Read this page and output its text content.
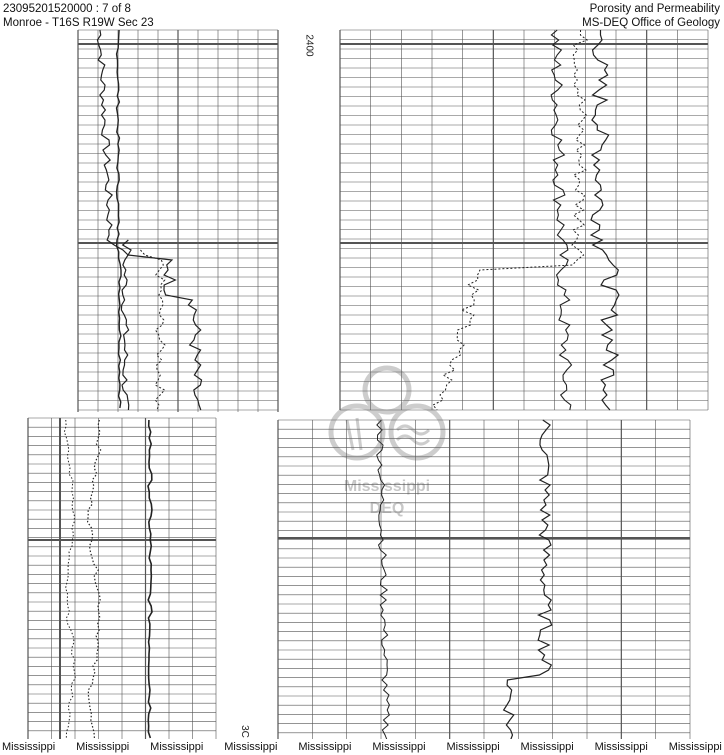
23095201520000 : 7 of 8
Monroe - T16S R19W Sec 23
Porosity and Permeability
MS-DEQ Office of Geology
2400
3C
Mississippi
DEQ
Mississippi Mississippi Mississippi Mississippi Mississippi Mississippi Mississippi Mississippi Mississippi Mississippi
